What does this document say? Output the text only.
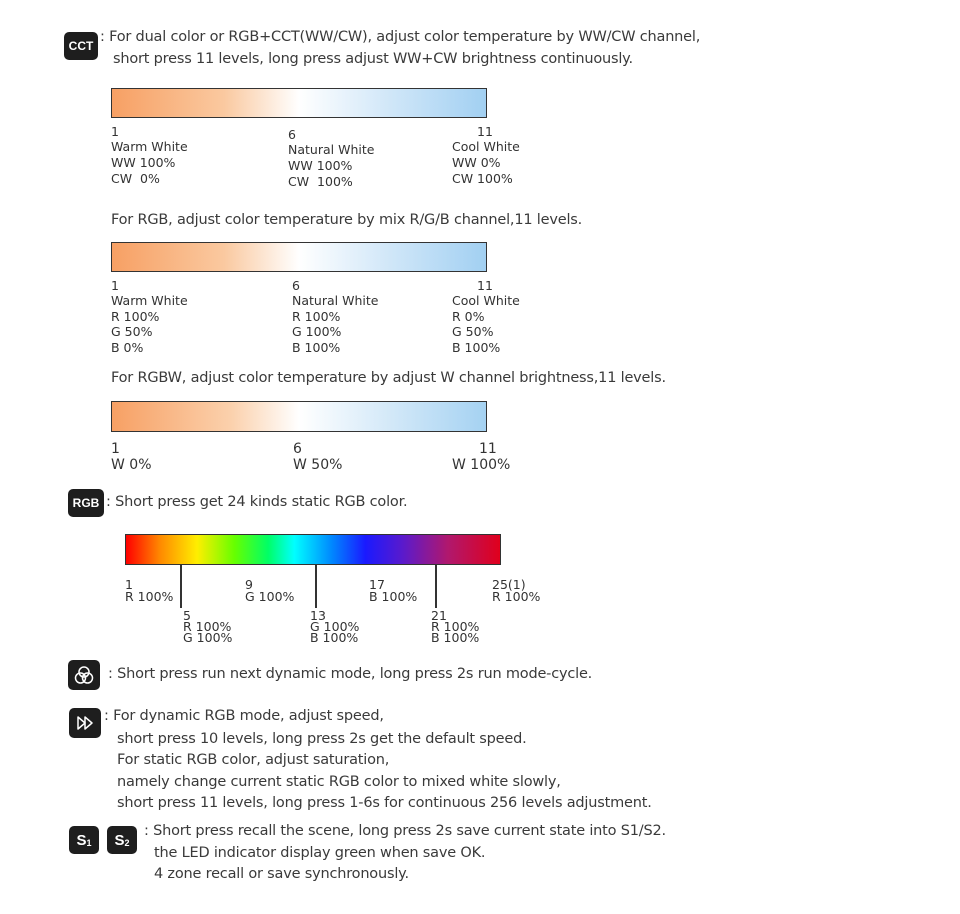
CCT
: For dual color or RGB+CCT(WW/CW), adjust color temperature by WW/CW channel,
short press 11 levels, long press adjust WW+CW brightness continuously.
1
Warm White
WW 100%
CW  0%
6
Natural White
WW 100%
CW  100%
11
Cool White
WW 0%
CW 100%
For RGB, adjust color temperature by mix R/G/B channel,11 levels.
1
Warm White
R 100%
G 50%
B 0%
6
Natural White
R 100%
G 100%
B 100%
11
Cool White
R 0%
G 50%
B 100%
For RGBW, adjust color temperature by adjust W channel brightness,11 levels.
1
W 0%
6
W 50%
11
W 100%
RGB : Short press get 24 kinds static RGB color.
1
R 100%
9
G 100%
17
B 100%
25(1)
R 100%
5
R 100%
G 100%
13
G 100%
B 100%
21
R 100%
B 100%
: Short press run next dynamic mode, long press 2s run mode-cycle.
: For dynamic RGB mode, adjust speed,
short press 10 levels, long press 2s get the default speed.
For static RGB color, adjust saturation,
namely change current static RGB color to mixed white slowly,
short press 11 levels, long press 1-6s for continuous 256 levels adjustment.
S 1 S 2
: Short press recall the scene, long press 2s save current state into S1/S2.
the LED indicator display green when save OK.
4 zone recall or save synchronously.
